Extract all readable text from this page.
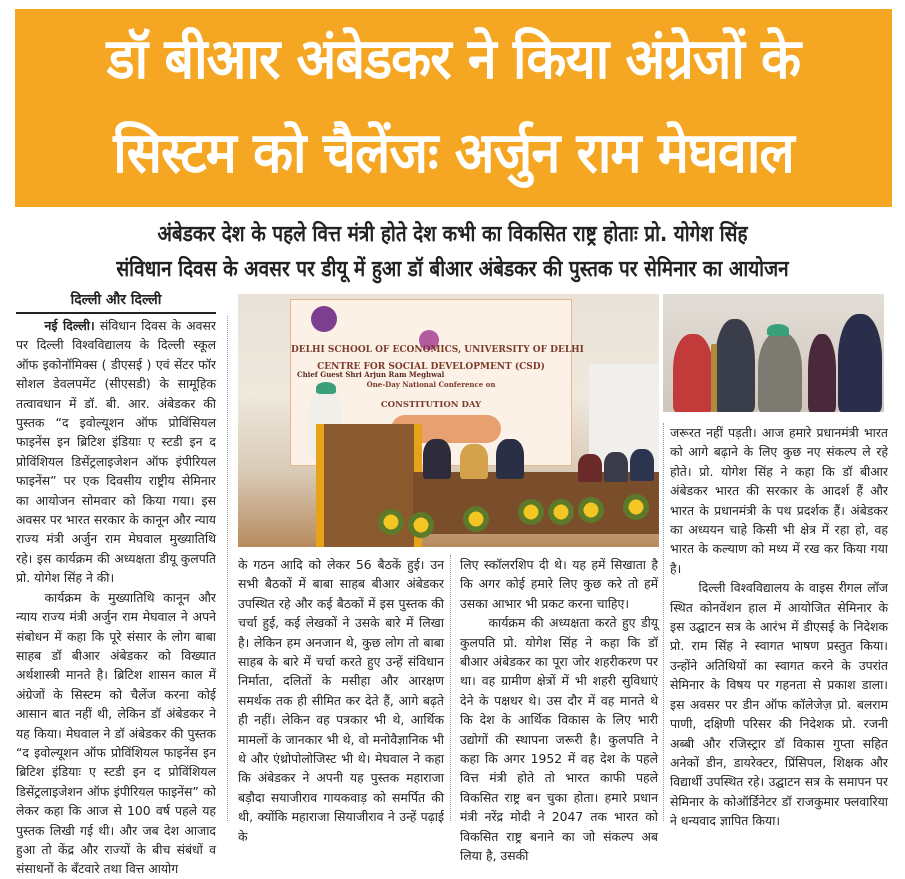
डॉ बीआर अंबेडकर ने किया अंग्रेजों के
सिस्टम को चैलेंजः अर्जुन राम मेघवाल
अंबेडकर देश के पहले वित्त मंत्री होते देश कभी का विकसित राष्ट्र होताः प्रो. योगेश सिंह
संविधान दिवस के अवसर पर डीयू में हुआ डॉ बीआर अंबेडकर की पुस्तक पर सेमिनार का आयोजन
दिल्ली और दिल्ली

नई दिल्ली। संविधान दिवस के अवसर पर दिल्ली विश्वविद्यालय के दिल्ली स्कूल ऑफ इकोनॉमिक्स ( डीएसई ) एवं सेंटर फॉर सोशल डेवलपमेंट (सीएसडी) के सामूहिक तत्वावधान में डॉ. बी. आर. अंबेडकर की पुस्तक “द इवोल्यूशन ऑफ प्रोविंसियल फाइनेंस इन ब्रिटिश इंडियाः ए स्टडी इन द प्रोविंशियल डिसेंट्रलाइजेशन ऑफ इंपीरियल फाइनेंस” पर एक दिवसीय राष्ट्रीय सेमिनार का आयोजन सोमवार को किया गया। इस अवसर पर भारत सरकार के कानून और न्याय राज्य मंत्री अर्जुन राम मेघवाल मुख्यातिथि रहे। इस कार्यक्रम की अध्यक्षता डीयू कुलपति प्रो. योगेश सिंह ने की।

कार्यक्रम के मुख्यातिथि कानून और न्याय राज्य मंत्री अर्जुन राम मेघवाल ने अपने संबोधन में कहा कि पूरे संसार के लोग बाबा साहब डॉ बीआर अंबेडकर को विख्यात अर्थशास्त्री मानते है। ब्रिटिश शासन काल में अंग्रेजों के सिस्टम को चैलेंज करना कोई आसान बात नहीं थी, लेकिन डॉ अंबेडकर ने यह किया। मेघवाल ने डॉ अंबेडकर की पुस्तक “द इवोल्यूशन ऑफ प्रोविंशियल फाइनेंस इन ब्रिटिश इंडियाः ए स्टडी इन द प्रोविंशियल डिसेंट्रलाइजेशन ऑफ इंपीरियल फाइनेंस” को लेकर कहा कि आज से 100 वर्ष पहले यह पुस्तक लिखी गई थी। और जब देश आजाद हुआ तो केंद्र और राज्यों के बीच संबंधों व संसाधनों के बँटवारे तथा वित्त आयोग

DELHI SCHOOL OF ECONOMICS, UNIVERSITY OF DELHI
CENTRE FOR SOCIAL DEVELOPMENT (CSD)
One-Day National Conference on
CONSTITUTION DAY
Chief Guest Shri Arjun Ram Meghwal

के गठन आदि को लेकर 56 बैठकें हुई। उन सभी बैठकों में बाबा साहब बीआर अंबेडकर उपस्थित रहे और कई बैठकों में इस पुस्तक की चर्चा हुई, कई लेखकों ने उसके बारे में लिखा है। लेकिन हम अनजान थे, कुछ लोग तो बाबा साहब के बारे में चर्चा करते हुए उन्हें संविधान निर्माता, दलितों के मसीहा और आरक्षण समर्थक तक ही सीमित कर देते हैं, आगे बढ़ते ही नहीं। लेकिन वह पत्रकार भी थे, आर्थिक मामलों के जानकार भी थे, वो मनोवैज्ञानिक भी थे और एंथ्रोपोलोजिस्ट भी थे। मेघवाल ने कहा कि अंबेडकर ने अपनी यह पुस्तक महाराजा बड़ौदा सयाजीराव गायकवाड़ को समर्पित की थी, क्योंकि महाराजा सियाजीराव ने उन्हें पढ़ाई के

लिए स्कॉलरशिप दी थे। यह हमें सिखाता है कि अगर कोई हमारे लिए कुछ करे तो हमें उसका आभार भी प्रकट करना चाहिए।

कार्यक्रम की अध्यक्षता करते हुए डीयू कुलपति प्रो. योगेश सिंह ने कहा कि डॉ बीआर अंबेडकर का पूरा जोर शहरीकरण पर था। वह ग्रामीण क्षेत्रों में भी शहरी सुविधाएं देने के पक्षधर थे। उस दौर में वह मानते थे कि देश के आर्थिक विकास के लिए भारी उद्योगों की स्थापना जरूरी है। कुलपति ने कहा कि अगर 1952 में वह देश के पहले वित्त मंत्री होते तो भारत काफी पहले विकसित राष्ट्र बन चुका होता। हमारे प्रधान मंत्री नरेंद्र मोदी ने 2047 तक भारत को विकसित राष्ट्र बनाने का जो संकल्प अब लिया है, उसकी

जरूरत नहीं पड़ती। आज हमारे प्रधानमंत्री भारत को आगे बढ़ाने के लिए कुछ नए संकल्प ले रहे होते। प्रो. योगेश सिंह ने कहा कि डॉ बीआर अंबेडकर भारत की सरकार के आदर्श हैं और भारत के प्रधानमंत्री के पथ प्रदर्शक हैं। अंबेडकर का अध्ययन चाहे किसी भी क्षेत्र में रहा हो, वह भारत के कल्याण को मध्य में रख कर किया गया है।

दिल्ली विश्वविद्यालय के वाइस रीगल लॉज स्थित कोनवेंशन हाल में आयोजित सेमिनार के इस उद्घाटन सत्र के आरंभ में डीएसई के निदेशक प्रो. राम सिंह ने स्वागत भाषण प्रस्तुत किया। उन्होंने अतिथियों का स्वागत करने के उपरांत सेमिनार के विषय पर गहनता से प्रकाश डाला। इस अवसर पर डीन ऑफ कॉलेजेज़ प्रो. बलराम पाणी, दक्षिणी परिसर की निदेशक प्रो. रजनी अब्बी और रजिस्ट्रार डॉ विकास गुप्ता सहित अनेकों डीन, डायरेक्टर, प्रिंसिपल, शिक्षक और विद्यार्थी उपस्थित रहे। उद्घाटन सत्र के समापन पर सेमिनार के कोऑर्डिनेटर डॉ राजकुमार फ्लवारिया ने धन्यवाद ज्ञापित किया।
